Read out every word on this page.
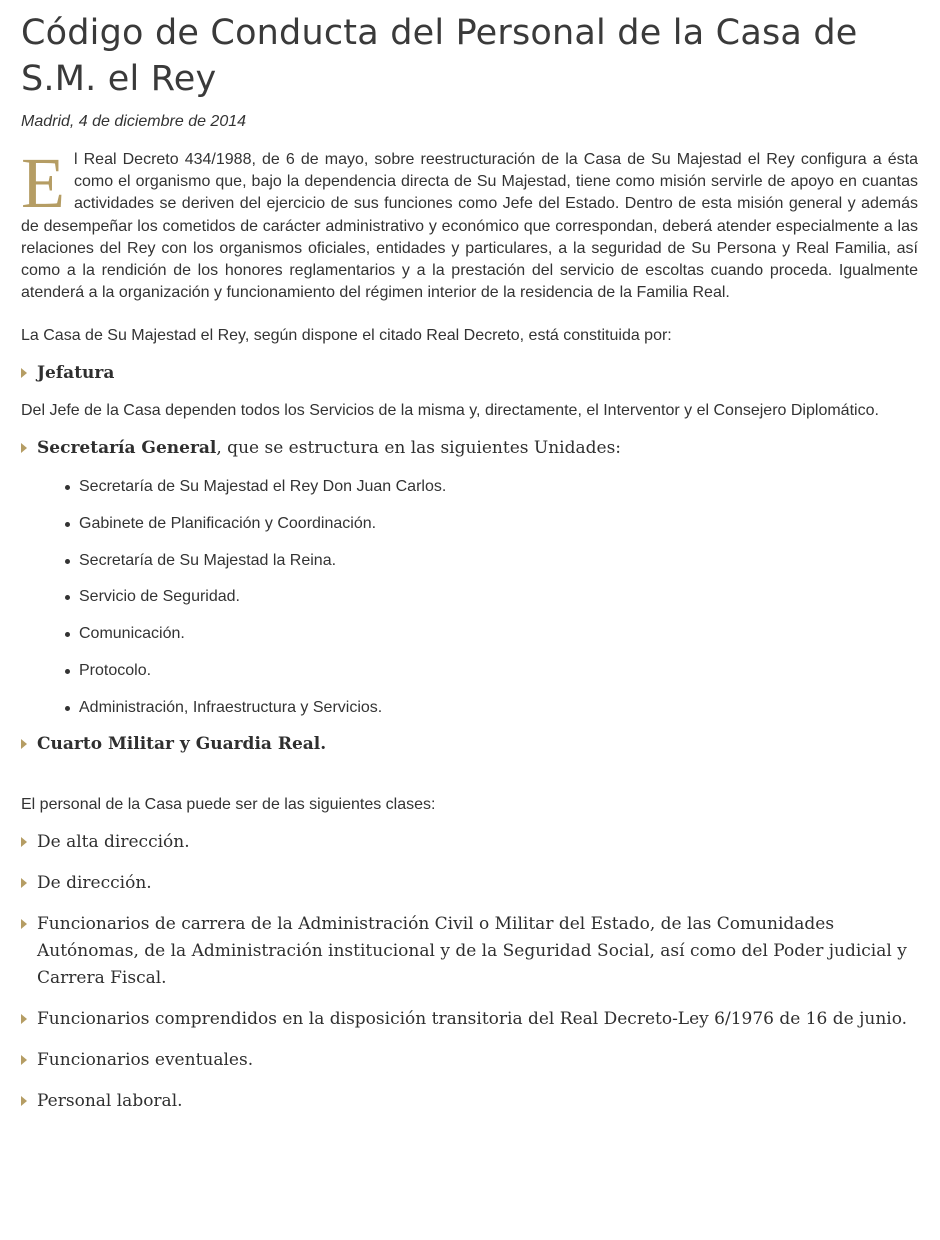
Código de Conducta del Personal de la Casa de S.M. el Rey

Madrid, 4 de diciembre de 2014

El Real Decreto 434/1988, de 6 de mayo, sobre reestructuración de la Casa de Su Majestad el Rey configura a ésta como el organismo que, bajo la dependencia directa de Su Majestad, tiene como misión servirle de apoyo en cuantas actividades se deriven del ejercicio de sus funciones como Jefe del Estado. Dentro de esta misión general y además de desempeñar los cometidos de carácter administrativo y económico que correspondan, deberá atender especialmente a las relaciones del Rey con los organismos oficiales, entidades y particulares, a la seguridad de Su Persona y Real Familia, así como a la rendición de los honores reglamentarios y a la prestación del servicio de escoltas cuando proceda. Igualmente atenderá a la organización y funcionamiento del régimen interior de la residencia de la Familia Real.

La Casa de Su Majestad el Rey, según dispone el citado Real Decreto, está constituida por:

Jefatura

Del Jefe de la Casa dependen todos los Servicios de la misma y, directamente, el Interventor y el Consejero Diplomático.

Secretaría General, que se estructura en las siguientes Unidades:
Secretaría de Su Majestad el Rey Don Juan Carlos.
Gabinete de Planificación y Coordinación.
Secretaría de Su Majestad la Reina.
Servicio de Seguridad.
Comunicación.
Protocolo.
Administración, Infraestructura y Servicios.
Cuarto Militar y Guardia Real.

El personal de la Casa puede ser de las siguientes clases:

De alta dirección.
De dirección.
Funcionarios de carrera de la Administración Civil o Militar del Estado, de las Comunidades Autónomas, de la Administración institucional y de la Seguridad Social, así como del Poder judicial y Carrera Fiscal.
Funcionarios comprendidos en la disposición transitoria del Real Decreto-Ley 6/1976 de 16 de junio.
Funcionarios eventuales.
Personal laboral.
